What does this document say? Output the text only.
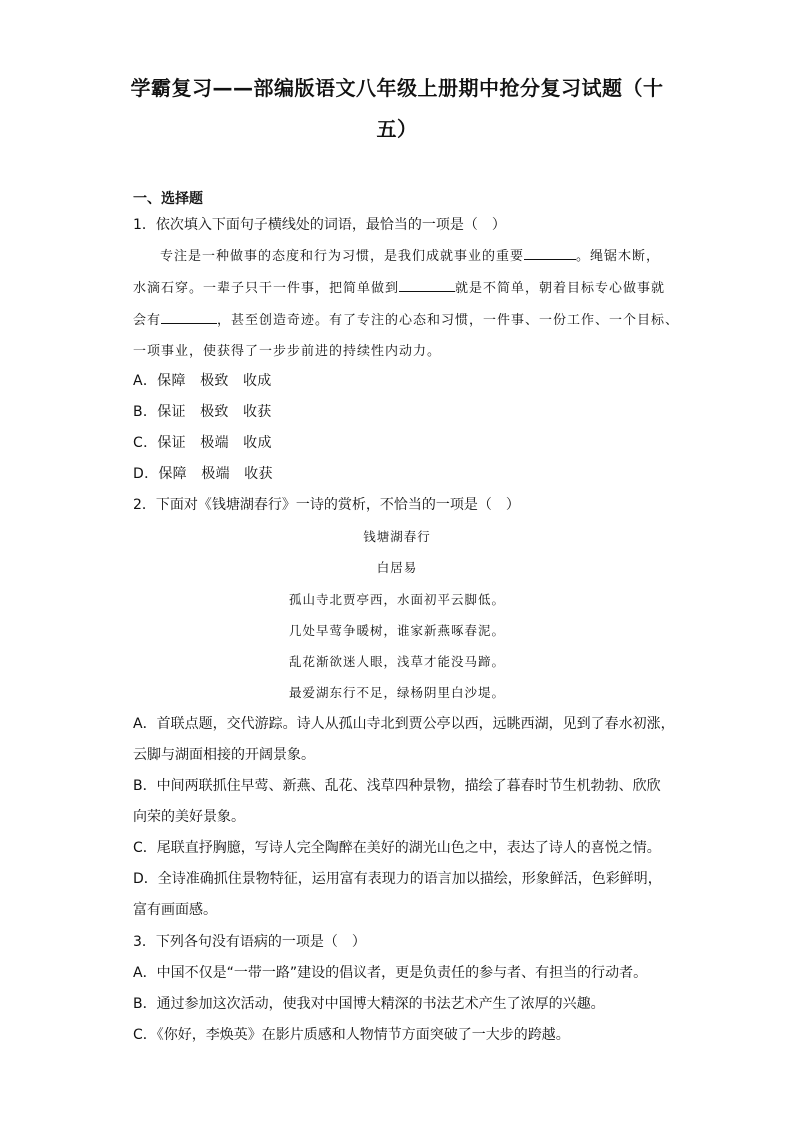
学霸复习——部编版语文八年级上册期中抢分复习试题（十
五）
一、选择题
1．依次填入下面句子横线处的词语，最恰当的一项是（　）
专注是一种做事的态度和行为习惯，是我们成就事业的重要	。绳锯木断，
水滴石穿。一辈子只干一件事，把简单做到	就是不简单，朝着目标专心做事就
会有	，甚至创造奇迹。有了专注的心态和习惯，一件事、一份工作、一个目标、
一项事业，使获得了一步步前进的持续性内动力。
A．保障　极致　收成
B．保证　极致　收获
C．保证　极端　收成
D．保障　极端　收获
2．下面对《钱塘湖春行》一诗的赏析，不恰当的一项是（　）
钱塘湖春行
白居易
孤山寺北贾亭西，水面初平云脚低。
几处早莺争暖树，谁家新燕啄春泥。
乱花渐欲迷人眼，浅草才能没马蹄。
最爱湖东行不足，绿杨阴里白沙堤。
A．首联点题，交代游踪。诗人从孤山寺北到贾公亭以西，远眺西湖，见到了春水初涨，
云脚与湖面相接的开阔景象。
B．中间两联抓住早莺、新燕、乱花、浅草四种景物，描绘了暮春时节生机勃勃、欣欣
向荣的美好景象。
C．尾联直抒胸臆，写诗人完全陶醉在美好的湖光山色之中，表达了诗人的喜悦之情。
D．全诗准确抓住景物特征，运用富有表现力的语言加以描绘，形象鲜活，色彩鲜明，
富有画面感。
3．下列各句没有语病的一项是（　）
A．中国不仅是“一带一路”建设的倡议者，更是负责任的参与者、有担当的行动者。
B．通过参加这次活动，使我对中国博大精深的书法艺术产生了浓厚的兴趣。
C．《你好，李焕英》在影片质感和人物情节方面突破了一大步的跨越。
